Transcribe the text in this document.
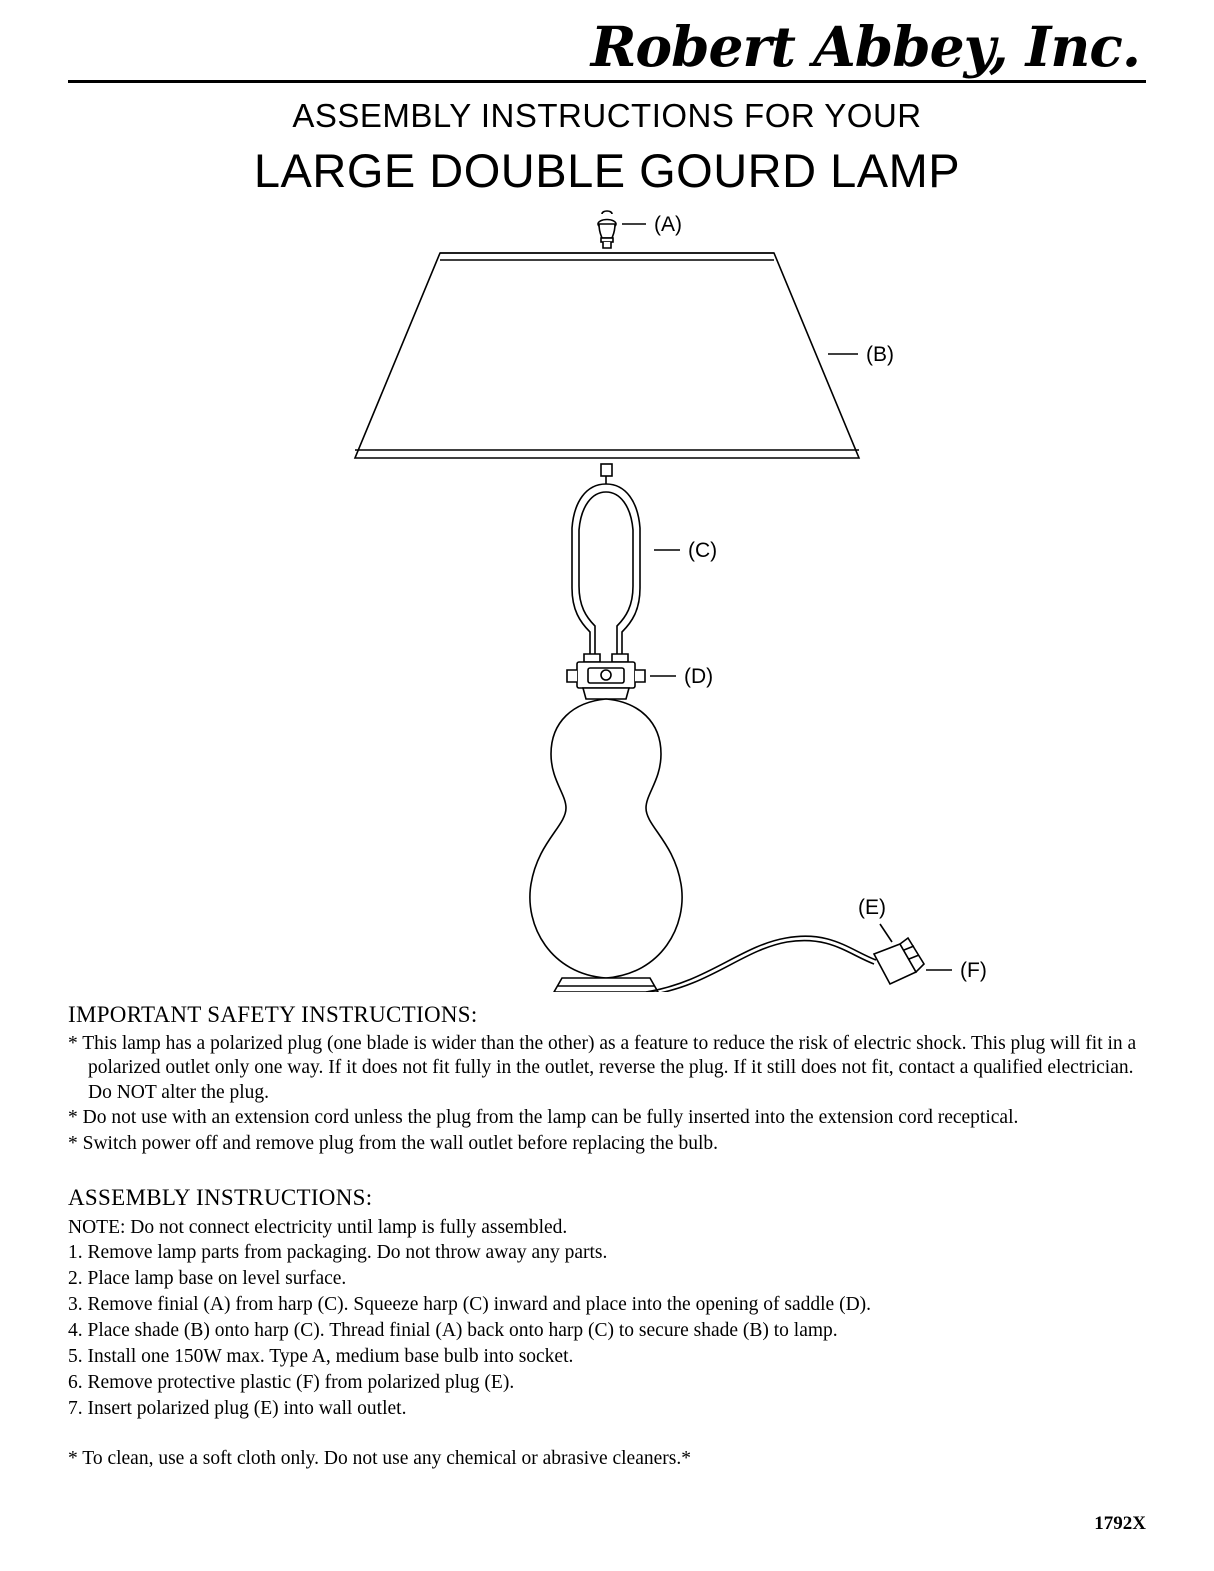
Robert Abbey, Inc.
ASSEMBLY INSTRUCTIONS FOR YOUR
LARGE DOUBLE GOURD LAMP
(A)
(B)
(C)
(D)
(E)
(F)
IMPORTANT SAFETY INSTRUCTIONS:
* This lamp has a polarized plug (one blade is wider than the other) as a feature to reduce the risk of electric shock. This plug will fit in a polarized outlet only one way. If it does not fit fully in the outlet, reverse the plug. If it still does not fit, contact a qualified electrician. Do NOT alter the plug.
* Do not use with an extension cord unless the plug from the lamp can be fully inserted into the extension cord receptical.
* Switch power off and remove plug from the wall outlet before replacing the bulb.
ASSEMBLY INSTRUCTIONS:
NOTE: Do not connect electricity until lamp is fully assembled.
1. Remove lamp parts from packaging. Do not throw away any parts.
2. Place lamp base on level surface.
3. Remove finial (A) from harp (C). Squeeze harp (C) inward and place into the opening of saddle (D).
4. Place shade (B) onto harp (C). Thread finial (A) back onto harp (C) to secure shade (B) to lamp.
5. Install one 150W max. Type A, medium base bulb into socket.
6. Remove protective plastic (F) from polarized plug (E).
7. Insert polarized plug (E) into wall outlet.
* To clean, use a soft cloth only. Do not use any chemical or abrasive cleaners.*
1792X
